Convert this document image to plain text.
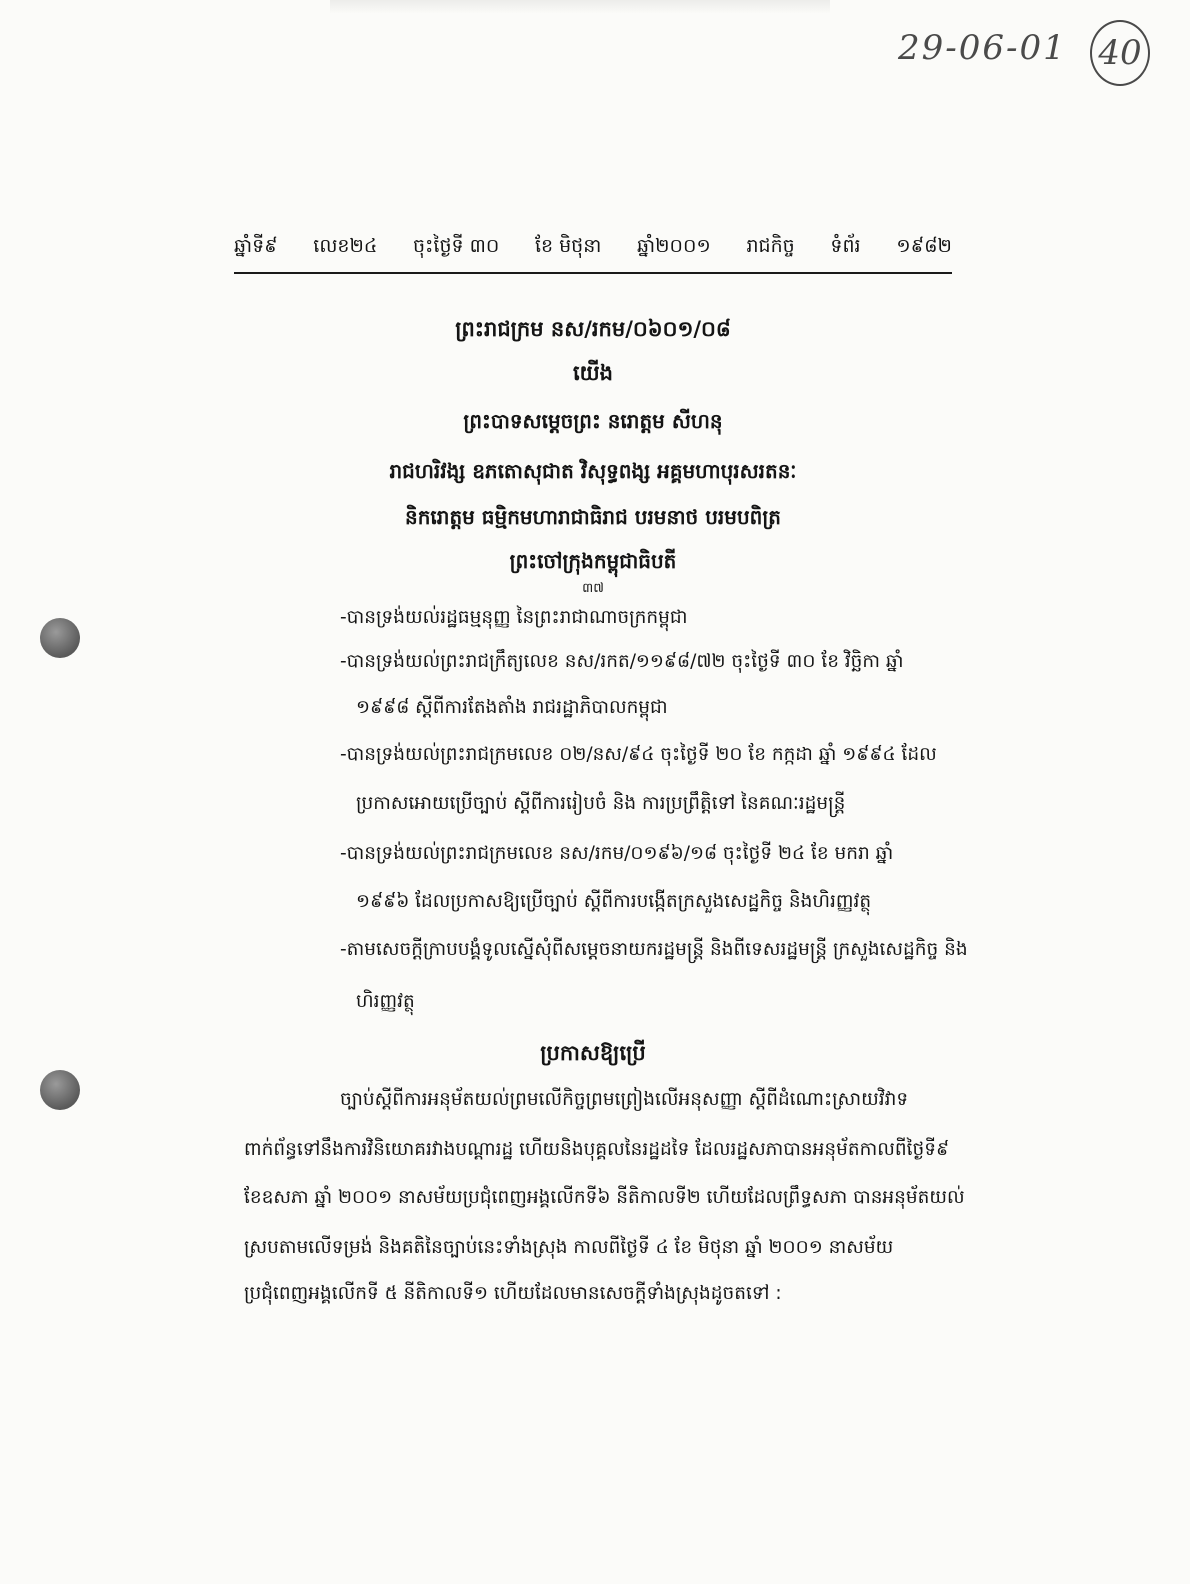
29-06-01 40
ឆ្នាំទី៩ លេខ២៤ ចុះថ្ងៃទី ៣០ ខែ មិថុនា ឆ្នាំ២០០១ រាជកិច្ច ទំព័រ ១៩៨២
ព្រះរាជក្រម នស/រកម/០៦០១/០៨
យើង
ព្រះបាទសម្តេចព្រះ នរោត្តម សីហនុ
រាជហរិវង្ស ឧភតោសុជាត វិសុទ្ធពង្ស អគ្គមហាបុរសរតនៈ
និករោត្តម ធម្មិកមហារាជាធិរាជ បរមនាថ បរមបពិត្រ
ព្រះចៅក្រុងកម្ពុជាធិបតី
៣៧
-បានទ្រង់យល់រដ្ឋធម្មនុញ្ញ នៃព្រះរាជាណាចក្រកម្ពុជា
-បានទ្រង់យល់ព្រះរាជក្រឹត្យលេខ នស/រកត/១១៩៨/៧២ ចុះថ្ងៃទី ៣០ ខែ វិច្ឆិកា ឆ្នាំ
១៩៩៨ ស្តីពីការតែងតាំង រាជរដ្ឋាភិបាលកម្ពុជា
-បានទ្រង់យល់ព្រះរាជក្រមលេខ ០២/នស/៩៤ ចុះថ្ងៃទី ២០ ខែ កក្កដា ឆ្នាំ ១៩៩៤ ដែល
ប្រកាសអោយប្រើច្បាប់ ស្តីពីការរៀបចំ និង ការប្រព្រឹត្តិទៅ នៃគណៈរដ្ឋមន្ត្រី
-បានទ្រង់យល់ព្រះរាជក្រមលេខ នស/រកម/០១៩៦/១៨ ចុះថ្ងៃទី ២៤ ខែ មករា ឆ្នាំ
១៩៩៦ ដែលប្រកាសឱ្យប្រើច្បាប់ ស្តីពីការបង្កើតក្រសួងសេដ្ឋកិច្ច និងហិរញ្ញវត្ថុ
-តាមសេចក្តីក្រាបបង្គំទូលស្នើសុំពីសម្តេចនាយករដ្ឋមន្ត្រី និងពីទេសរដ្ឋមន្ត្រី ក្រសួងសេដ្ឋកិច្ច និង
ហិរញ្ញវត្ថុ
ប្រកាសឱ្យប្រើ
ច្បាប់ស្តីពីការអនុម័តយល់ព្រមលើកិច្ចព្រមព្រៀងលើអនុសញ្ញា ស្តីពីដំណោះស្រាយវិវាទ
ពាក់ព័ន្ធទៅនឹងការវិនិយោគរវាងបណ្តារដ្ឋ ហើយនិងបុគ្គលនៃរដ្ឋដទៃ ដែលរដ្ឋសភាបានអនុម័តកាលពីថ្ងៃទី៩
ខែឧសភា ឆ្នាំ ២០០១ នាសម័យប្រជុំពេញអង្គលើកទី៦ នីតិកាលទី២ ហើយដែលព្រឹទ្ធសភា បានអនុម័តយល់
ស្របតាមលើទម្រង់ និងគតិនៃច្បាប់នេះទាំងស្រុង កាលពីថ្ងៃទី ៤ ខែ មិថុនា ឆ្នាំ ២០០១ នាសម័យ
ប្រជុំពេញអង្គលើកទី ៥ នីតិកាលទី១ ហើយដែលមានសេចក្តីទាំងស្រុងដូចតទៅ :
